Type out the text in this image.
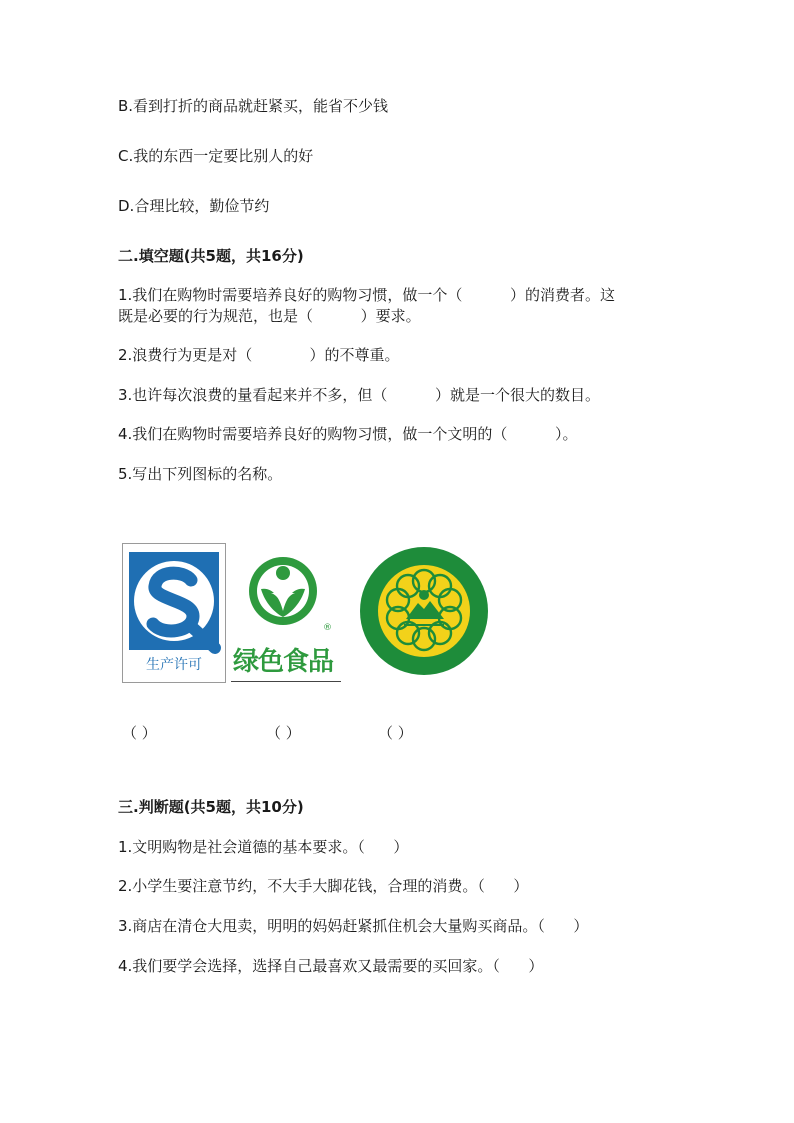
B.看到打折的商品就赶紧买，能省不少钱
C.我的东西一定要比别人的好
D.合理比较，勤俭节约
二.填空题(共5题，共16分)
1.我们在购物时需要培养良好的购物习惯，做一个（          ）的消费者。这
既是必要的行为规范，也是（          ）要求。
2.浪费行为更是对（            ）的不尊重。
3.也许每次浪费的量看起来并不多，但（          ）就是一个很大的数目。
4.我们在购物时需要培养良好的购物习惯，做一个文明的（          ）。
5.写出下列图标的名称。
生产许可
®
绿色食品
（ ）	（ ）	（ ）
三.判断题(共5题，共10分)
1.文明购物是社会道德的基本要求。（      ）
2.小学生要注意节约，不大手大脚花钱，合理的消费。（      ）
3.商店在清仓大甩卖，明明的妈妈赶紧抓住机会大量购买商品。（      ）
4.我们要学会选择，选择自己最喜欢又最需要的买回家。（      ）
